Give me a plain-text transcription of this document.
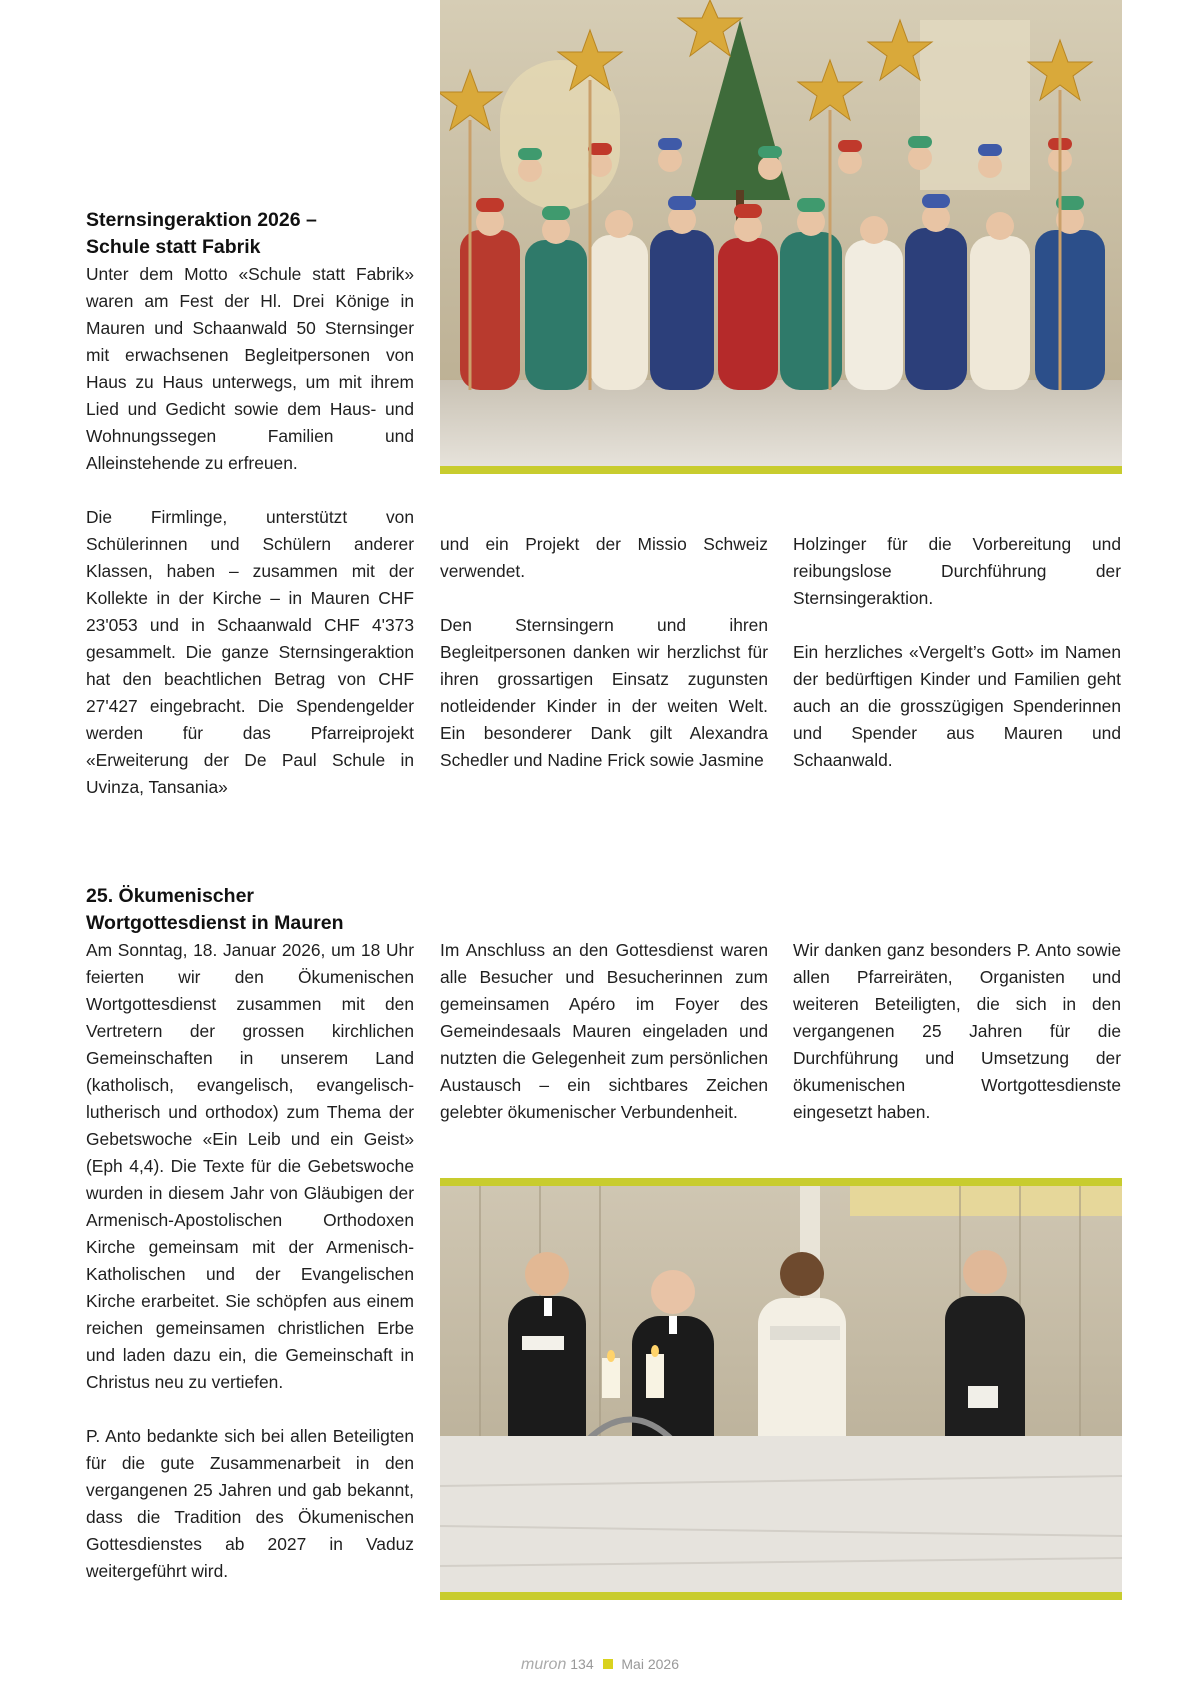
Sternsingeraktion 2026 –
Schule statt Fabrik

Unter dem Motto «Schule statt Fabrik» waren am Fest der Hl. Drei Könige in Mauren und Schaanwald 50 Sternsinger mit erwachsenen Begleitpersonen von Haus zu Haus unterwegs, um mit ihrem Lied und Gedicht sowie dem Haus- und Wohnungssegen Familien und Alleinstehende zu erfreuen.

Die Firmlinge, unterstützt von Schülerinnen und Schülern anderer Klassen, haben – zusammen mit der Kollekte in der Kirche – in Mauren CHF 23'053 und in Schaanwald CHF 4'373 gesammelt. Die ganze Sternsingeraktion hat den beachtlichen Betrag von CHF 27'427 eingebracht. Die Spendengelder werden für das Pfarreiprojekt «Erweiterung der De Paul Schule in Uvinza, Tansania»

und ein Projekt der Missio Schweiz verwendet.

Den Sternsingern und ihren Begleitpersonen danken wir herzlichst für ihren grossartigen Einsatz zugunsten notleidender Kinder in der weiten Welt. Ein besonderer Dank gilt Alexandra Schedler und Nadine Frick sowie Jasmine

Holzinger für die Vorbereitung und reibungslose Durchführung der Sternsingeraktion.

Ein herzliches «Vergelt’s Gott» im Namen der bedürftigen Kinder und Familien geht auch an die grosszügigen Spenderinnen und Spender aus Mauren und Schaanwald.

25. Ökumenischer
Wortgottesdienst in Mauren

Am Sonntag, 18. Januar 2026, um 18 Uhr feierten wir den Ökumenischen Wortgottesdienst zusammen mit den Vertretern der grossen kirchlichen Gemeinschaften in unserem Land (katholisch, evangelisch, evangelisch-lutherisch und orthodox) zum Thema der Gebetswoche «Ein Leib und ein Geist» (Eph 4,4). Die Texte für die Gebetswoche wurden in diesem Jahr von Gläubigen der Armenisch-Apostolischen Orthodoxen Kirche gemeinsam mit der Armenisch-Katholischen und der Evangelischen Kirche erarbeitet. Sie schöpfen aus einem reichen gemeinsamen christlichen Erbe und laden dazu ein, die Gemeinschaft in Christus neu zu vertiefen.

P. Anto bedankte sich bei allen Beteiligten für die gute Zusammenarbeit in den vergangenen 25 Jahren und gab bekannt, dass die Tradition des Ökumenischen Gottesdienstes ab 2027 in Vaduz weitergeführt wird.

Im Anschluss an den Gottesdienst waren alle Besucher und Besucherinnen zum gemeinsamen Apéro im Foyer des Gemeindesaals Mauren eingeladen und nutzten die Gelegenheit zum persönlichen Austausch – ein sichtbares Zeichen gelebter ökumenischer Verbundenheit.

Wir danken ganz besonders P. Anto sowie allen Pfarreiräten, Organisten und weiteren Beteiligten, die sich in den vergangenen 25 Jahren für die Durchführung und Umsetzung der ökumenischen Wortgottesdienste eingesetzt haben.

muron 134 Mai 2026
